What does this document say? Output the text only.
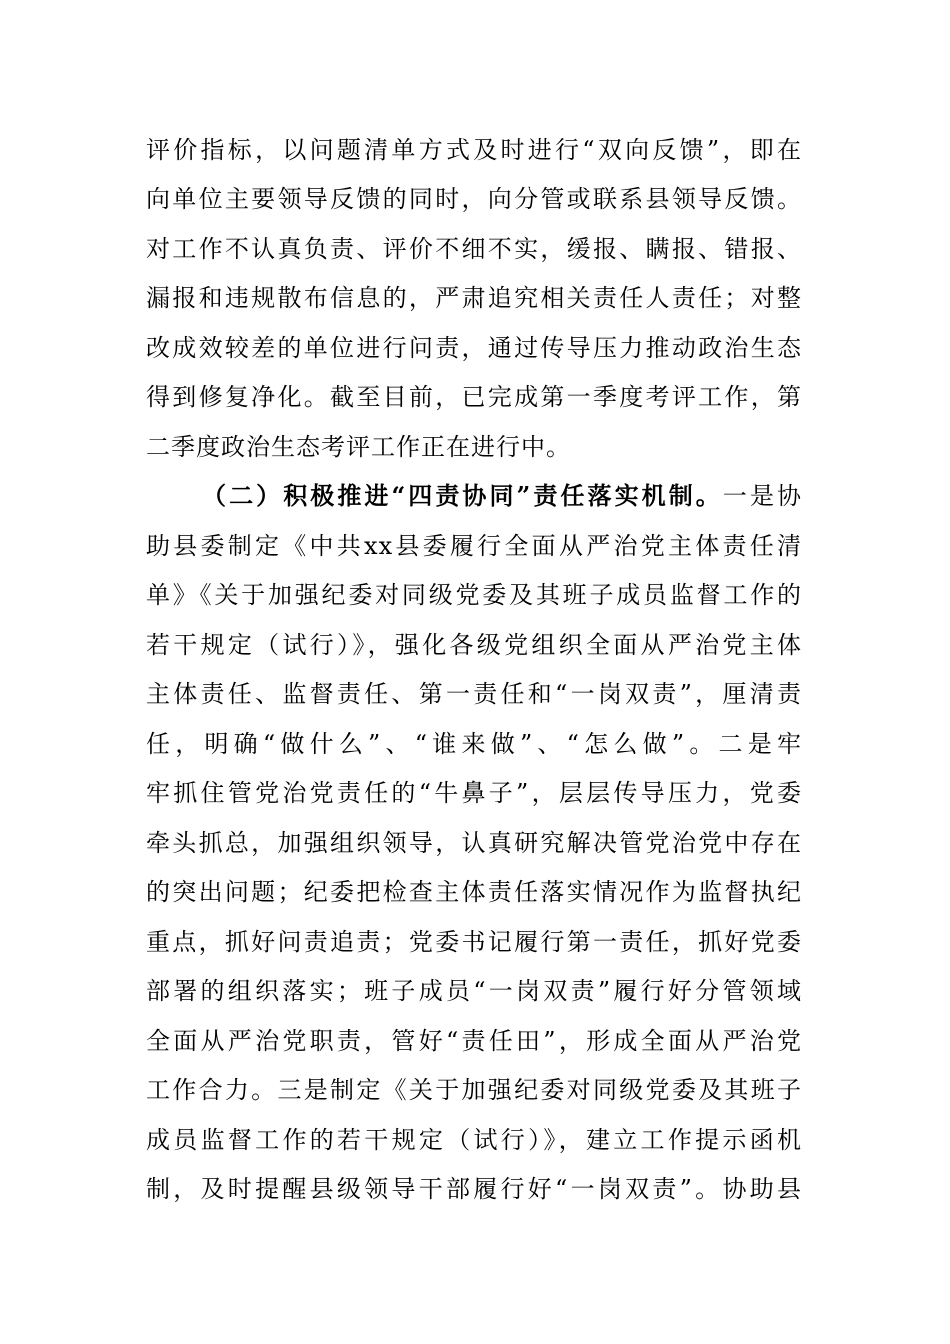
评价指标，以问题清单方式及时进行“双向反馈”，即在
向单位主要领导反馈的同时，向分管或联系县领导反馈。
对工作不认真负责、评价不细不实，缓报、瞒报、错报、
漏报和违规散布信息的，严肃追究相关责任人责任；对整
改成效较差的单位进行问责，通过传导压力推动政治生态
得到修复净化。截至目前，已完成第一季度考评工作，第
二季度政治生态考评工作正在进行中。
（二）积极推进“四责协同”责任落实机制。一是协
助县委制定《中共xx县委履行全面从严治党主体责任清
单》《关于加强纪委对同级党委及其班子成员监督工作的
若干规定（试行）》，强化各级党组织全面从严治党主体
主体责任、监督责任、第一责任和“一岗双责”，厘清责
任，明确“做什么”、“谁来做”、“怎么做”。二是牢
牢抓住管党治党责任的“牛鼻子”，层层传导压力，党委
牵头抓总，加强组织领导，认真研究解决管党治党中存在
的突出问题；纪委把检查主体责任落实情况作为监督执纪
重点，抓好问责追责；党委书记履行第一责任，抓好党委
部署的组织落实；班子成员“一岗双责”履行好分管领域
全面从严治党职责，管好“责任田”，形成全面从严治党
工作合力。三是制定《关于加强纪委对同级党委及其班子
成员监督工作的若干规定（试行）》，建立工作提示函机
制，及时提醒县级领导干部履行好“一岗双责”。协助县
